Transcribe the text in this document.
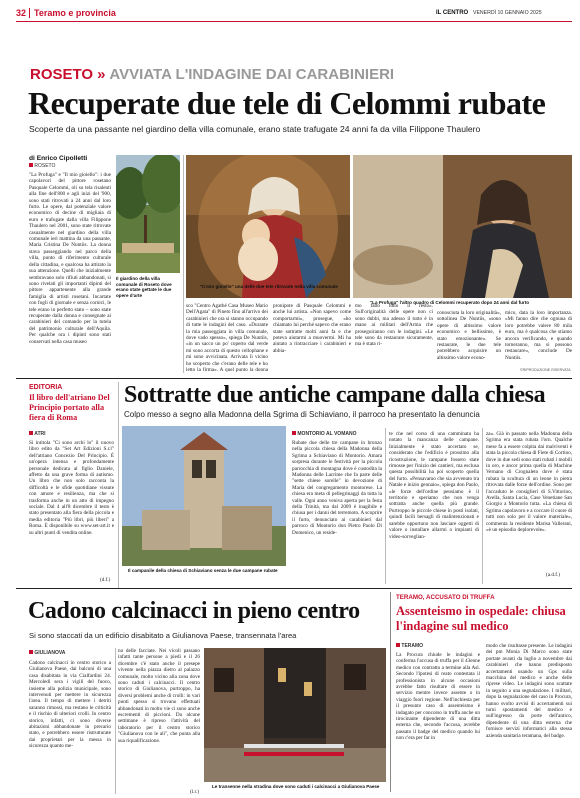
32 Teramo e provincia	IL CENTRO VENERDÌ 10 GENNAIO 2025
ROSETO » AVVIATA L'INDAGINE DAI CARABINIERI
Recuperate due tele di Celommi rubate
Scoperte da una passante nel giardino della villa comunale, erano state trafugate 24 anni fa da villa Filippone Thaulero
di Enrico Cipolletti
ROSETO
"La Profuga" e "Il mio gioiello": i due capolavori del pittore rosetano Pasquale Celommi, oli su tela risalenti alla fine dell'800 e agli inizi del '900, sono stati ritrovati a 24 anni dal loro furto. Le opere, dal potenziale valore economico di decine di migliaia di euro e trafugate dalla villa Filippone Thaulero nel 2001, sono state ritrovate casualmente nel giardino della villa comunale ieri mattina da una passante, Maria Cristina De Nuntiis. La donna stava passeggiando nel parco della villa, punto di riferimento culturale della cittadina, e qualcosa ha attirato la sua attenzione. Quelli che inizialmente sembravano solo rifiuti abbandonati, si sono rivelati gli importanti dipinti del pittore appartenente alla grande famiglia di artisti rosetani. Incartate con fogli di giornale e senza cornici, le tele erano in perfetto stato – sono state recuperate dalla donna e consegnate ai carabinieri del comando per la tutela del patrimonio culturale dell'Aquila. Per qualche ora i dipinti sono stati conservati nella casa museo
Il giardino della villa comunale di Roseto dove erano state gettate le due opere d'arte
sco "Centro Agathé Casa Museo Mario Dell'Agata" di Pineto fino all'arrivo dei carabinieri che ora si stanno occupando di tutte le indagini del caso. «Durante la mia passeggiata in villa comunale, dove vado spesso», spiega De Nuntiis, «in un sacco un po' coperto dal verde mi sono accorta di questo cellophane e mi sono avvicinata. Arrivata lì vicino ho scoperto che c'erano delle tele e ho letto la firma». A quel punto la donna
"Il mio gioiello" una delle due tele ritrovate nella villa comunale
pronipote di Pasquale Celommi e anche lui artista. «Non sapevo come comportarmi», prosegue, «ho chiamato lui perché sapevo che erano state sottratte molti anni fa e che poteva aiutarmi a muovermi. Mi ha aiutato a rintracciare i carabinieri e abbia-
mo fatto tutto il resto». Sull'originalità delle opere non ci sono dubbi, ma adesso il tutto è in mano ai militari dell'Arma che proseguiranno con le indagini. «Le tele sono da restaurare sicuramente, ma è stata ri-
"La Profuga" l'altro quadro di Celommi recuperato dopo 24 anni dal furto
conosciuta la loro originalità», sottolinea De Nuntiis, «sono opere di altissimo valore economico e bellissime, è stato emozionante». Se restaurate, le due tele potrebbero acquisire un altissimo valore econo-
mico, data la loro importanza. «Mi fanno dire che ognuna di loro potrebbe valere 80 mila euro, ma è qualcosa che stiamo ancora verificando, e quando torneranno, ma si possono restaurare», conclude De Nuntiis.
©RIPRODUZIONE RISERVATA
EDITORIA
Il libro dell'atriano Del Principio portato alla fiera di Roma
ATRI
Si intitola "Ci sono archi lo" il nuovo libro edito da "Set Art Edizioni S.r.l" dell'atriano Concezio Del Principio. È un'opera intensa e profondamente personale dedicata al figlio Daniele, affetto da una grave forma di autismo. Un libro che non solo racconta la difficoltà e le sfide quotidiane vissute con amore e resilienza, ma che si trasforma anche in un atto di impegno sociale. Dal 4 all'8 dicembre il testo è stato presentato alla fiera della piccola e media editoria "Più libri, più liberi" a Roma. È disponibile su www.set-art.it e su altri punti di vendita online.
(d.f.)
Sottratte due antiche campane dalla chiesa
Colpo messo a segno alla Madonna della Sgrima di Schiaviano, il parroco ha presentato la denuncia
Il campanile della chiesa di Schiaviano senza le due campane rubate
MONTORIO AL VOMANO
Rubate due delle tre campane in bronzo nella piccola chiesa della Madonna della Sgrima a Schiaviano di Montorio. Amara sorpresa durante le festività per la piccola parrocchia di montagna dove è custodita la Madonna delle Lacrime che fa parte delle "sette chiese sorelle" in devozione di Maria del congregamento montorese. La chiesa era meta di pellegrinaggi da tutta la valle. Ogni anno veniva aperta per la festa della Trinità, ma dal 2009 è inagibile e chiusa per i danni del terremoto. A scoprire il furto, denunciato ai carabinieri dal parroco di Montorio don Pietro Paolo Di Domenico, un reside-
te che nel corso di una camminata ha notato la mancanza delle campane. Inizialmente è stato accertato se, considerato che l'edificio è prossimo alla ricostruzione, le campane fossero state rimosse per l'inizio dei cantieri, ma esclusa questa possibilità ha poi scoperto quella del furto. «Pensavamo che sia avvenuto tra Natale e inizio gennaio», spiega don Paolo, «le forze dell'ordine pensiamo è il territorio e speriamo che non venga sottratta anche quella più grande. Purtroppo le piccole chiese in posti isolati, quindi facili bersagli di malintenzionati e sarebbe opportuno non lasciare oggetti di valore o installare allarmi o impianti di video-sorveglian-
za». Già in passato nella Madonna della Sgrima era stata rubata l'orn. Qualche mese fa a essere colpita dai malviventi è stata la piccola chiesa di Fiete di Cortino, dove in due sedi sono stati rubati i mobili in oro, e ancor prima quella di Machine Vernano di Crognaleto dove è stata rubata la scultura di un leone in pietra ritrovata dalle forze dell'ordine. Sono per l'accaduto le consiglieri di S.Vittorino, Avella, Santa Lucia, Case Venetiane San Giorgio a Montorio tutta. «La chiesa di Sgrima capolavoro e a coccare il cuore di tutti non solo per il valore materiale», commenta la residente Marisa Vallerani, «è un episodio deplorevole».
(a.d.f.)
Cadono calcinacci in pieno centro
Si sono staccati da un edificio disabitato a Giulianova Paese, transennata l'area
GIULIANOVA
Cadono calcinacci in centro storico a Giulianova Paese, dai balconi di una casa disabitata in via Cialfardini 24. Mercoledì sera i vigili del fuoco, insieme alla polizia municipale, sono intervenuti per mettere in sicurezza l'area. Il tempo di mettere i detriti saranno rimossi, ma restano le criticità e il rischio di ulteriori crolli. In centro storico, infatti, ci sono diverse abitazioni abbandonate in precario stato, e potrebbero essere ristrutturate dai proprietari per la messa in sicurezza quanto me-
no delle facciate. Nei vicoli passano infatti tante persone a piedi e il 26 dicembre c'è stato anche il presepe vivente nella piazza dietro al palazzo comunale, molto vicino alla zona dove sono caduti i calcinacci. Il centro storico di Giulianova, purtroppo, ha diversi problemi anche di crolli: in vari punti spesso si trovano effettuati abbandonati in molto vie ci sono anche escrementi di piccioni. Da alcune settimane è ripreso l'attività del laboratorio per il centro storico "Giulianova con le ali", che punta alla sua riqualificazione.
(l.r.)
Le transenne nella stradina dove sono caduti i calcinacci a Giulianova Paese
TERAMO, ACCUSATO DI TRUFFA
Assenteismo in ospedale: chiusa l'indagine sul medico
TERAMO
La Procura chiude le indagini e conferma l'accusa di truffa per il 43enne medico con contratto a termine alla Asl. Secondo l'ipotesi di reato contestata il professionista in alcune occasioni avrebbe fatto risultare di essere in servizio mentre invece assente o in viaggio fuori regione. Nell'inchiesta per il presunto caso di assenteismo è indagato per concorso in truffa anche un tirocinante dipendente di una ditta esterna che, secondo l'accusa, avrebbe passato il badge del medico quando lui non c'era per far in
modo che risultasse presente. Le indagini dei pm Monia Di Marco sono state portate avanti da luglio a novembre dai carabinieri che hanno predisposto accertamenti usando un Gps sulla macchina del medico e anche delle riprese video. Le indagini sono scattate in seguito a una segnalazione. I militari, dopo la segnalazione del caso in Procura, hanno svolto avvisi di accertamenti sui turni spostamenti del medico e sull'ingresso da porte dell'antico, dipendente di una ditta esterna che fornisce servizi informatici alla stessa azienda sanitaria teramana, del badge.
